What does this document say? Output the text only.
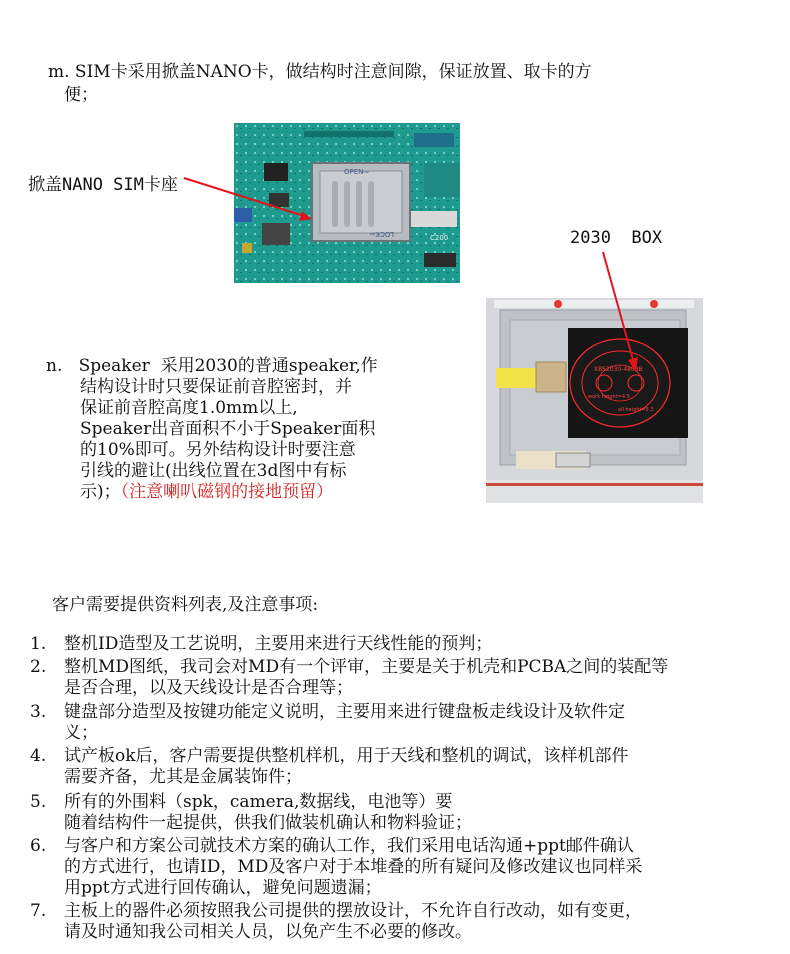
m. SIM卡采用掀盖NANO卡，做结构时注意间隙，保证放置、取卡的方
便；
OPEN⇨
LOCK⇦	C200
掀盖NANO SIM卡座
2030  BOX
XBS2030-4808B
work height=4.5
all height=5.3
n.   Speaker  采用2030的普通speaker,作
结构设计时只要保证前音腔密封，并
保证前音腔高度1.0mm以上,
Speaker出音面积不小于Speaker面积
的10%即可。另外结构设计时要注意
引线的避让(出线位置在3d图中有标
示)；（注意喇叭磁钢的接地预留）
客户需要提供资料列表,及注意事项:
1.	整机ID造型及工艺说明，主要用来进行天线性能的预判；
2.	整机MD图纸，我司会对MD有一个评审，主要是关于机壳和PCBA之间的装配等
是否合理，以及天线设计是否合理等；
3.	键盘部分造型及按键功能定义说明，主要用来进行键盘板走线设计及软件定
义；
4.	试产板ok后，客户需要提供整机样机，用于天线和整机的调试，该样机部件
需要齐备，尤其是金属装饰件；
5.	所有的外围料（spk，camera,数据线，电池等）要
随着结构件一起提供，供我们做装机确认和物料验证；
6.	与客户和方案公司就技术方案的确认工作，我们采用电话沟通+ppt邮件确认
的方式进行，也请ID，MD及客户对于本堆叠的所有疑问及修改建议也同样采
用ppt方式进行回传确认，避免问题遗漏；
7.	主板上的器件必须按照我公司提供的摆放设计，不允许自行改动，如有变更，
请及时通知我公司相关人员，以免产生不必要的修改。
